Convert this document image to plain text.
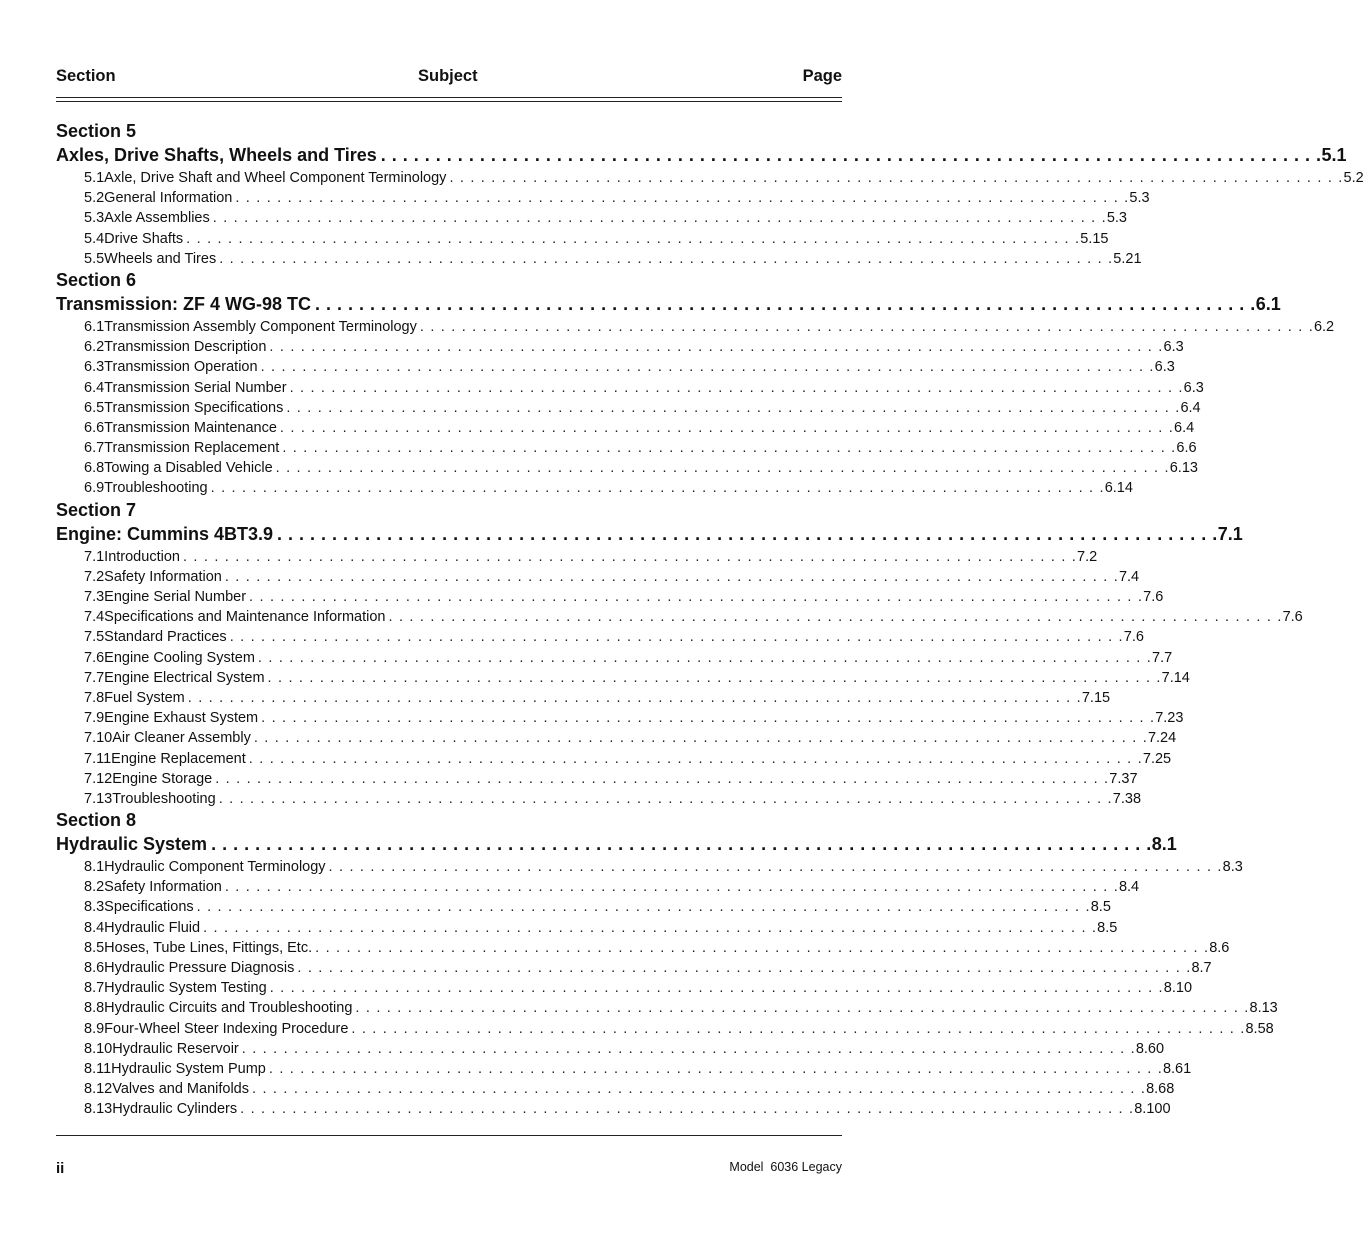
Section	Subject	Page
Section 5
Axles, Drive Shafts, Wheels and Tires . . . . . . . . . . . . . . . . . . . . . . . . . . . . . . . . . . . . . . . . . . . . . . . . . . . . . . . . . . . . . . . . . . . . . . . . . . . . . . . . . . . . . . 5.1
5.1 Axle, Drive Shaft and Wheel Component Terminology . . . . . . . . . . . . . . . . . . . . . . . . . . . . . . . . . . . . . . . . . . . . . . . . . . . . . . . . . . . . . . . . . . . . . . . . . . . . . . . . . . . . . . 5.2
5.2 General Information . . . . . . . . . . . . . . . . . . . . . . . . . . . . . . . . . . . . . . . . . . . . . . . . . . . . . . . . . . . . . . . . . . . . . . . . . . . . . . . . . . . . . . 5.3
5.3 Axle Assemblies . . . . . . . . . . . . . . . . . . . . . . . . . . . . . . . . . . . . . . . . . . . . . . . . . . . . . . . . . . . . . . . . . . . . . . . . . . . . . . . . . . . . . . 5.3
5.4 Drive Shafts . . . . . . . . . . . . . . . . . . . . . . . . . . . . . . . . . . . . . . . . . . . . . . . . . . . . . . . . . . . . . . . . . . . . . . . . . . . . . . . . . . . . . . 5.15
5.5 Wheels and Tires . . . . . . . . . . . . . . . . . . . . . . . . . . . . . . . . . . . . . . . . . . . . . . . . . . . . . . . . . . . . . . . . . . . . . . . . . . . . . . . . . . . . . . 5.21
Section 6
Transmission: ZF 4 WG-98 TC . . . . . . . . . . . . . . . . . . . . . . . . . . . . . . . . . . . . . . . . . . . . . . . . . . . . . . . . . . . . . . . . . . . . . . . . . . . . . . . . . . . . . . 6.1
6.1 Transmission Assembly Component Terminology . . . . . . . . . . . . . . . . . . . . . . . . . . . . . . . . . . . . . . . . . . . . . . . . . . . . . . . . . . . . . . . . . . . . . . . . . . . . . . . . . . . . . . 6.2
6.2 Transmission Description . . . . . . . . . . . . . . . . . . . . . . . . . . . . . . . . . . . . . . . . . . . . . . . . . . . . . . . . . . . . . . . . . . . . . . . . . . . . . . . . . . . . . . 6.3
6.3 Transmission Operation . . . . . . . . . . . . . . . . . . . . . . . . . . . . . . . . . . . . . . . . . . . . . . . . . . . . . . . . . . . . . . . . . . . . . . . . . . . . . . . . . . . . . . 6.3
6.4 Transmission Serial Number . . . . . . . . . . . . . . . . . . . . . . . . . . . . . . . . . . . . . . . . . . . . . . . . . . . . . . . . . . . . . . . . . . . . . . . . . . . . . . . . . . . . . . 6.3
6.5 Transmission Specifications . . . . . . . . . . . . . . . . . . . . . . . . . . . . . . . . . . . . . . . . . . . . . . . . . . . . . . . . . . . . . . . . . . . . . . . . . . . . . . . . . . . . . . 6.4
6.6 Transmission Maintenance . . . . . . . . . . . . . . . . . . . . . . . . . . . . . . . . . . . . . . . . . . . . . . . . . . . . . . . . . . . . . . . . . . . . . . . . . . . . . . . . . . . . . . 6.4
6.7 Transmission Replacement . . . . . . . . . . . . . . . . . . . . . . . . . . . . . . . . . . . . . . . . . . . . . . . . . . . . . . . . . . . . . . . . . . . . . . . . . . . . . . . . . . . . . . 6.6
6.8 Towing a Disabled Vehicle . . . . . . . . . . . . . . . . . . . . . . . . . . . . . . . . . . . . . . . . . . . . . . . . . . . . . . . . . . . . . . . . . . . . . . . . . . . . . . . . . . . . . . 6.13
6.9 Troubleshooting . . . . . . . . . . . . . . . . . . . . . . . . . . . . . . . . . . . . . . . . . . . . . . . . . . . . . . . . . . . . . . . . . . . . . . . . . . . . . . . . . . . . . . 6.14
Section 7
Engine: Cummins 4BT3.9 . . . . . . . . . . . . . . . . . . . . . . . . . . . . . . . . . . . . . . . . . . . . . . . . . . . . . . . . . . . . . . . . . . . . . . . . . . . . . . . . . . . . . . 7.1
7.1 Introduction . . . . . . . . . . . . . . . . . . . . . . . . . . . . . . . . . . . . . . . . . . . . . . . . . . . . . . . . . . . . . . . . . . . . . . . . . . . . . . . . . . . . . . 7.2
7.2 Safety Information . . . . . . . . . . . . . . . . . . . . . . . . . . . . . . . . . . . . . . . . . . . . . . . . . . . . . . . . . . . . . . . . . . . . . . . . . . . . . . . . . . . . . . 7.4
7.3 Engine Serial Number . . . . . . . . . . . . . . . . . . . . . . . . . . . . . . . . . . . . . . . . . . . . . . . . . . . . . . . . . . . . . . . . . . . . . . . . . . . . . . . . . . . . . . 7.6
7.4 Specifications and Maintenance Information . . . . . . . . . . . . . . . . . . . . . . . . . . . . . . . . . . . . . . . . . . . . . . . . . . . . . . . . . . . . . . . . . . . . . . . . . . . . . . . . . . . . . . 7.6
7.5 Standard Practices . . . . . . . . . . . . . . . . . . . . . . . . . . . . . . . . . . . . . . . . . . . . . . . . . . . . . . . . . . . . . . . . . . . . . . . . . . . . . . . . . . . . . . 7.6
7.6 Engine Cooling System . . . . . . . . . . . . . . . . . . . . . . . . . . . . . . . . . . . . . . . . . . . . . . . . . . . . . . . . . . . . . . . . . . . . . . . . . . . . . . . . . . . . . . 7.7
7.7 Engine Electrical System . . . . . . . . . . . . . . . . . . . . . . . . . . . . . . . . . . . . . . . . . . . . . . . . . . . . . . . . . . . . . . . . . . . . . . . . . . . . . . . . . . . . . . 7.14
7.8 Fuel System . . . . . . . . . . . . . . . . . . . . . . . . . . . . . . . . . . . . . . . . . . . . . . . . . . . . . . . . . . . . . . . . . . . . . . . . . . . . . . . . . . . . . . 7.15
7.9 Engine Exhaust System . . . . . . . . . . . . . . . . . . . . . . . . . . . . . . . . . . . . . . . . . . . . . . . . . . . . . . . . . . . . . . . . . . . . . . . . . . . . . . . . . . . . . . 7.23
7.10 Air Cleaner Assembly . . . . . . . . . . . . . . . . . . . . . . . . . . . . . . . . . . . . . . . . . . . . . . . . . . . . . . . . . . . . . . . . . . . . . . . . . . . . . . . . . . . . . . 7.24
7.11 Engine Replacement . . . . . . . . . . . . . . . . . . . . . . . . . . . . . . . . . . . . . . . . . . . . . . . . . . . . . . . . . . . . . . . . . . . . . . . . . . . . . . . . . . . . . . 7.25
7.12 Engine Storage . . . . . . . . . . . . . . . . . . . . . . . . . . . . . . . . . . . . . . . . . . . . . . . . . . . . . . . . . . . . . . . . . . . . . . . . . . . . . . . . . . . . . . 7.37
7.13 Troubleshooting . . . . . . . . . . . . . . . . . . . . . . . . . . . . . . . . . . . . . . . . . . . . . . . . . . . . . . . . . . . . . . . . . . . . . . . . . . . . . . . . . . . . . . 7.38
Section 8
Hydraulic System . . . . . . . . . . . . . . . . . . . . . . . . . . . . . . . . . . . . . . . . . . . . . . . . . . . . . . . . . . . . . . . . . . . . . . . . . . . . . . . . . . . . . . 8.1
8.1 Hydraulic Component Terminology . . . . . . . . . . . . . . . . . . . . . . . . . . . . . . . . . . . . . . . . . . . . . . . . . . . . . . . . . . . . . . . . . . . . . . . . . . . . . . . . . . . . . . 8.3
8.2 Safety Information . . . . . . . . . . . . . . . . . . . . . . . . . . . . . . . . . . . . . . . . . . . . . . . . . . . . . . . . . . . . . . . . . . . . . . . . . . . . . . . . . . . . . . 8.4
8.3 Specifications . . . . . . . . . . . . . . . . . . . . . . . . . . . . . . . . . . . . . . . . . . . . . . . . . . . . . . . . . . . . . . . . . . . . . . . . . . . . . . . . . . . . . . 8.5
8.4 Hydraulic Fluid . . . . . . . . . . . . . . . . . . . . . . . . . . . . . . . . . . . . . . . . . . . . . . . . . . . . . . . . . . . . . . . . . . . . . . . . . . . . . . . . . . . . . . 8.5
8.5 Hoses, Tube Lines, Fittings, Etc. . . . . . . . . . . . . . . . . . . . . . . . . . . . . . . . . . . . . . . . . . . . . . . . . . . . . . . . . . . . . . . . . . . . . . . . . . . . . . . . . . . . . . . 8.6
8.6 Hydraulic Pressure Diagnosis . . . . . . . . . . . . . . . . . . . . . . . . . . . . . . . . . . . . . . . . . . . . . . . . . . . . . . . . . . . . . . . . . . . . . . . . . . . . . . . . . . . . . . 8.7
8.7 Hydraulic System Testing . . . . . . . . . . . . . . . . . . . . . . . . . . . . . . . . . . . . . . . . . . . . . . . . . . . . . . . . . . . . . . . . . . . . . . . . . . . . . . . . . . . . . . 8.10
8.8 Hydraulic Circuits and Troubleshooting . . . . . . . . . . . . . . . . . . . . . . . . . . . . . . . . . . . . . . . . . . . . . . . . . . . . . . . . . . . . . . . . . . . . . . . . . . . . . . . . . . . . . . 8.13
8.9 Four-Wheel Steer Indexing Procedure . . . . . . . . . . . . . . . . . . . . . . . . . . . . . . . . . . . . . . . . . . . . . . . . . . . . . . . . . . . . . . . . . . . . . . . . . . . . . . . . . . . . . . 8.58
8.10 Hydraulic Reservoir . . . . . . . . . . . . . . . . . . . . . . . . . . . . . . . . . . . . . . . . . . . . . . . . . . . . . . . . . . . . . . . . . . . . . . . . . . . . . . . . . . . . . . 8.60
8.11 Hydraulic System Pump . . . . . . . . . . . . . . . . . . . . . . . . . . . . . . . . . . . . . . . . . . . . . . . . . . . . . . . . . . . . . . . . . . . . . . . . . . . . . . . . . . . . . . 8.61
8.12 Valves and Manifolds . . . . . . . . . . . . . . . . . . . . . . . . . . . . . . . . . . . . . . . . . . . . . . . . . . . . . . . . . . . . . . . . . . . . . . . . . . . . . . . . . . . . . . 8.68
8.13 Hydraulic Cylinders . . . . . . . . . . . . . . . . . . . . . . . . . . . . . . . . . . . . . . . . . . . . . . . . . . . . . . . . . . . . . . . . . . . . . . . . . . . . . . . . . . . . . . 8.100
ii	Model  6036 Legacy
